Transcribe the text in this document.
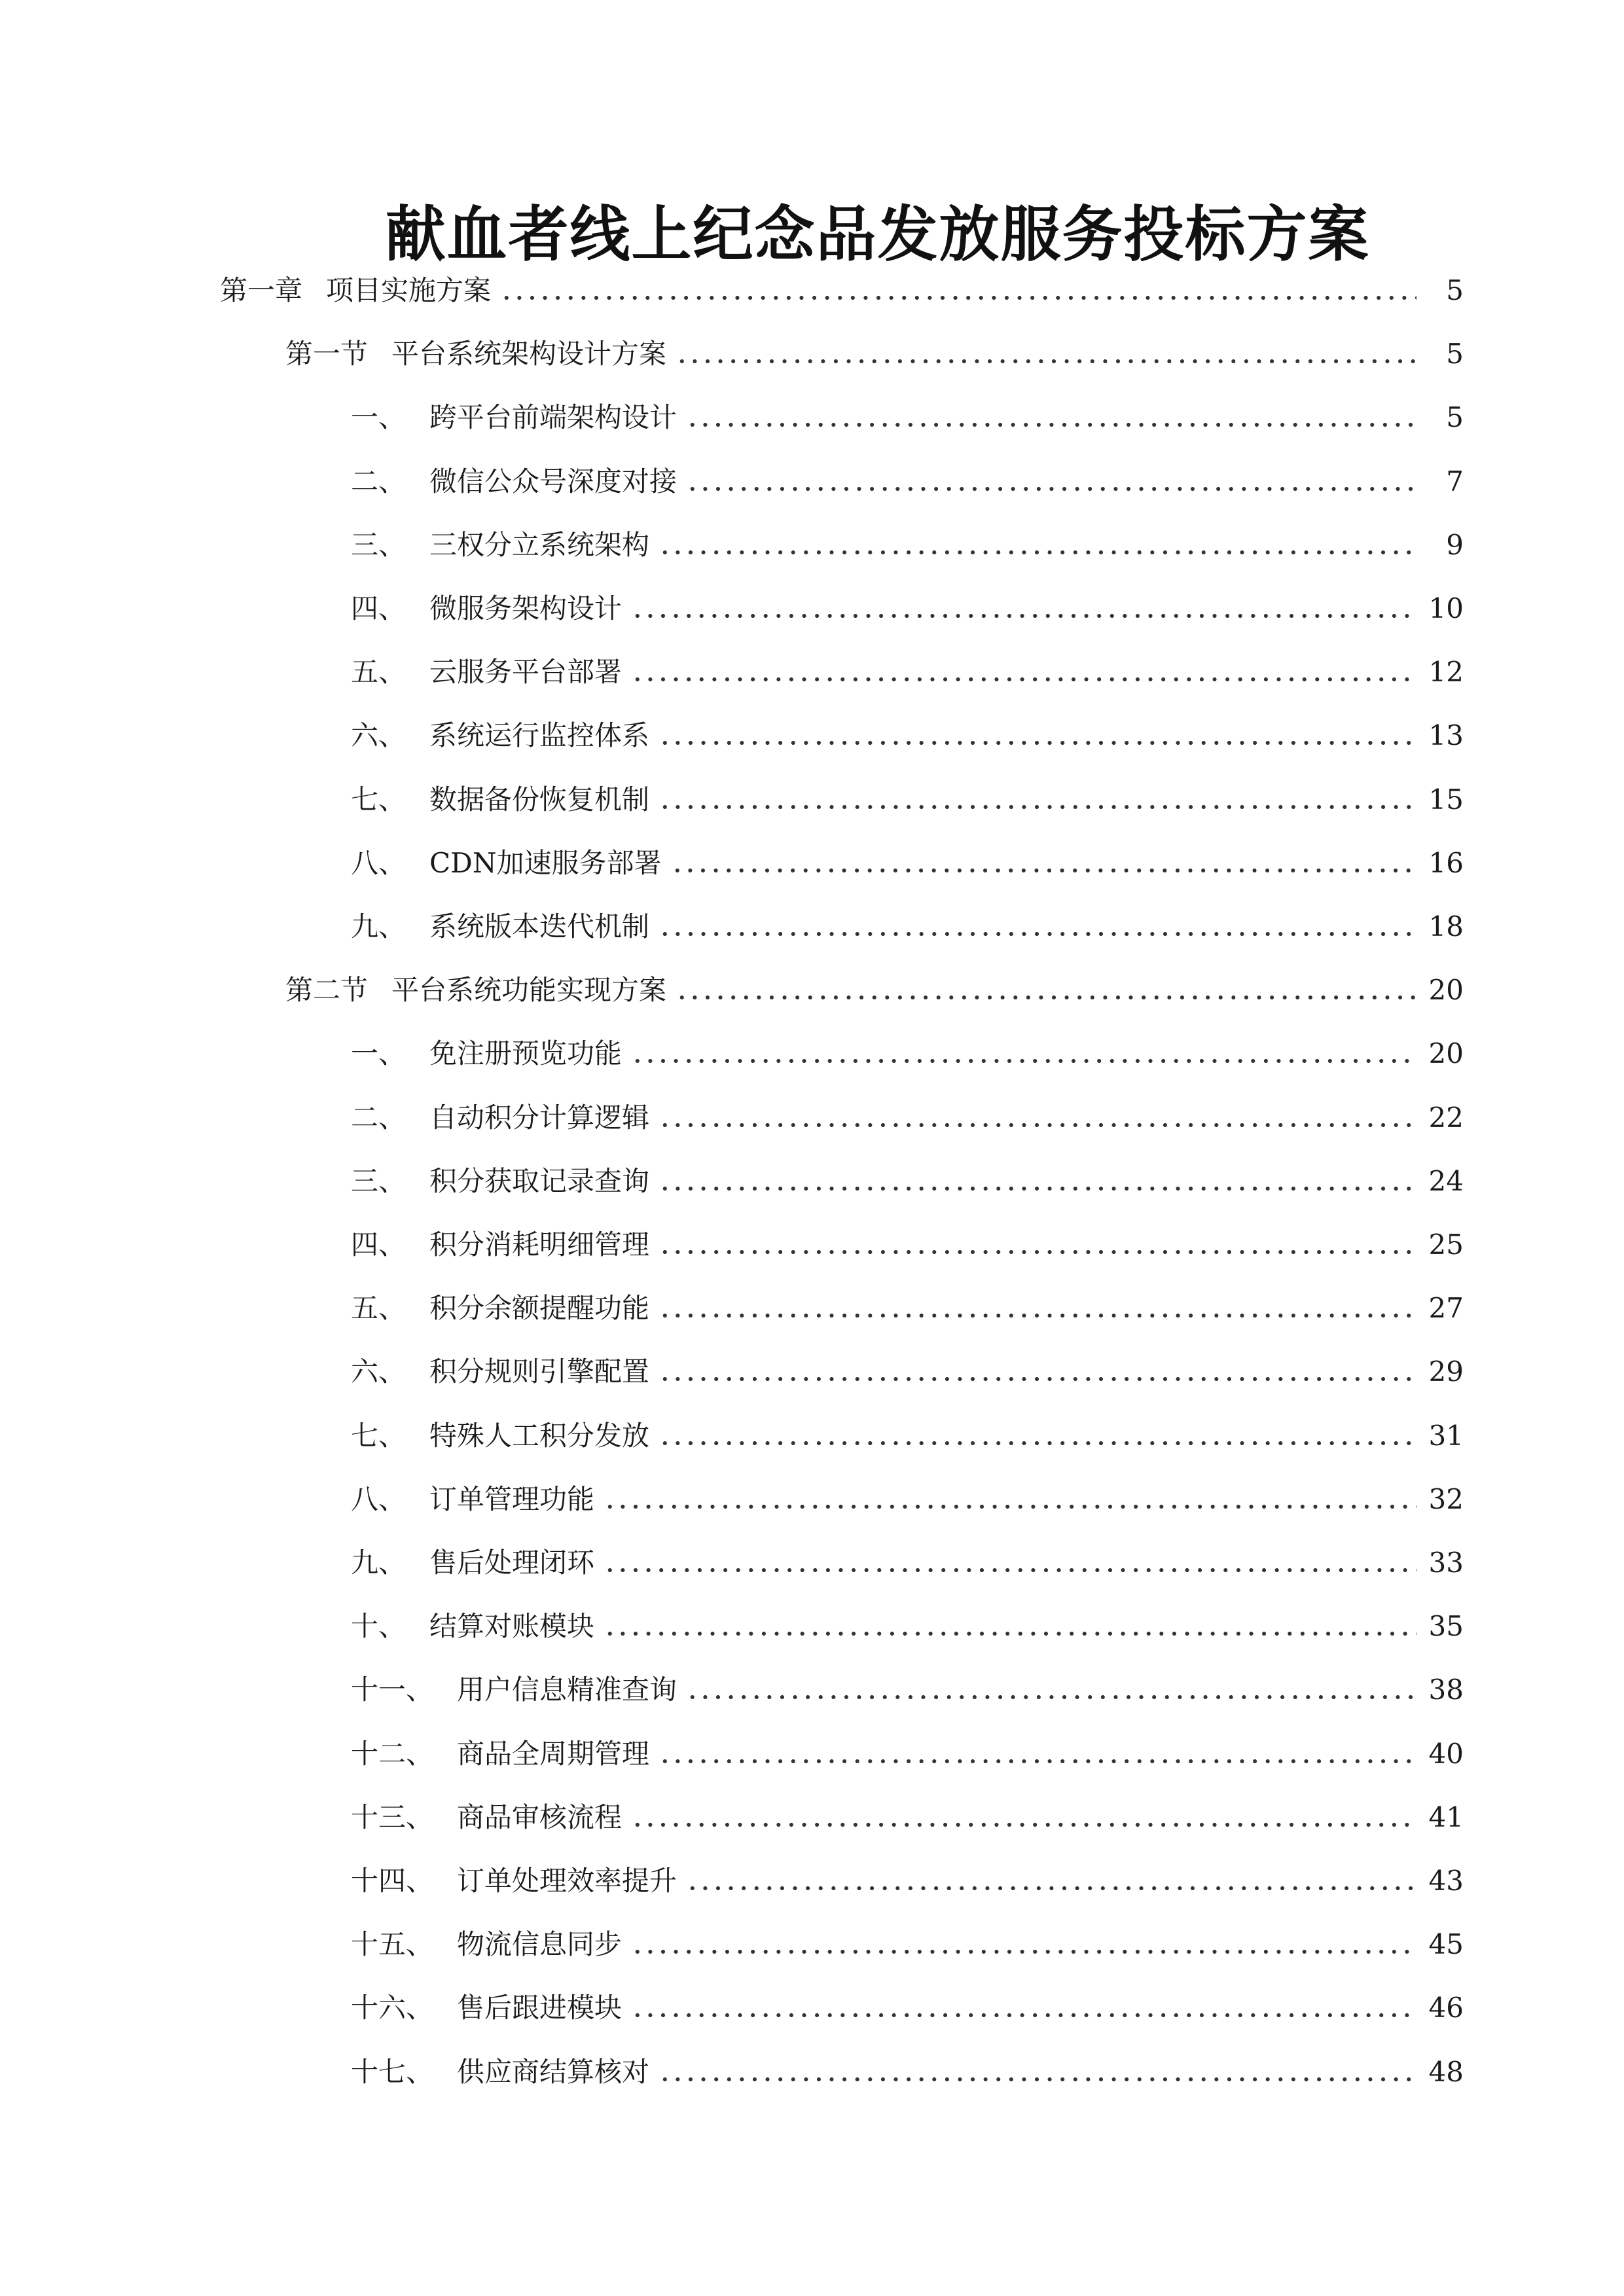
献血者线上纪念品发放服务投标方案
第一章 项目实施方案	5
第一节 平台系统架构设计方案	5
一、 跨平台前端架构设计	5
二、 微信公众号深度对接	7
三、 三权分立系统架构	9
四、 微服务架构设计	10
五、 云服务平台部署	12
六、 系统运行监控体系	13
七、 数据备份恢复机制	15
八、 CDN加速服务部署	16
九、 系统版本迭代机制	18
第二节 平台系统功能实现方案	20
一、 免注册预览功能	20
二、 自动积分计算逻辑	22
三、 积分获取记录查询	24
四、 积分消耗明细管理	25
五、 积分余额提醒功能	27
六、 积分规则引擎配置	29
七、 特殊人工积分发放	31
八、 订单管理功能	32
九、 售后处理闭环	33
十、 结算对账模块	35
十一、 用户信息精准查询	38
十二、 商品全周期管理	40
十三、 商品审核流程	41
十四、 订单处理效率提升	43
十五、 物流信息同步	45
十六、 售后跟进模块	46
十七、 供应商结算核对	48
